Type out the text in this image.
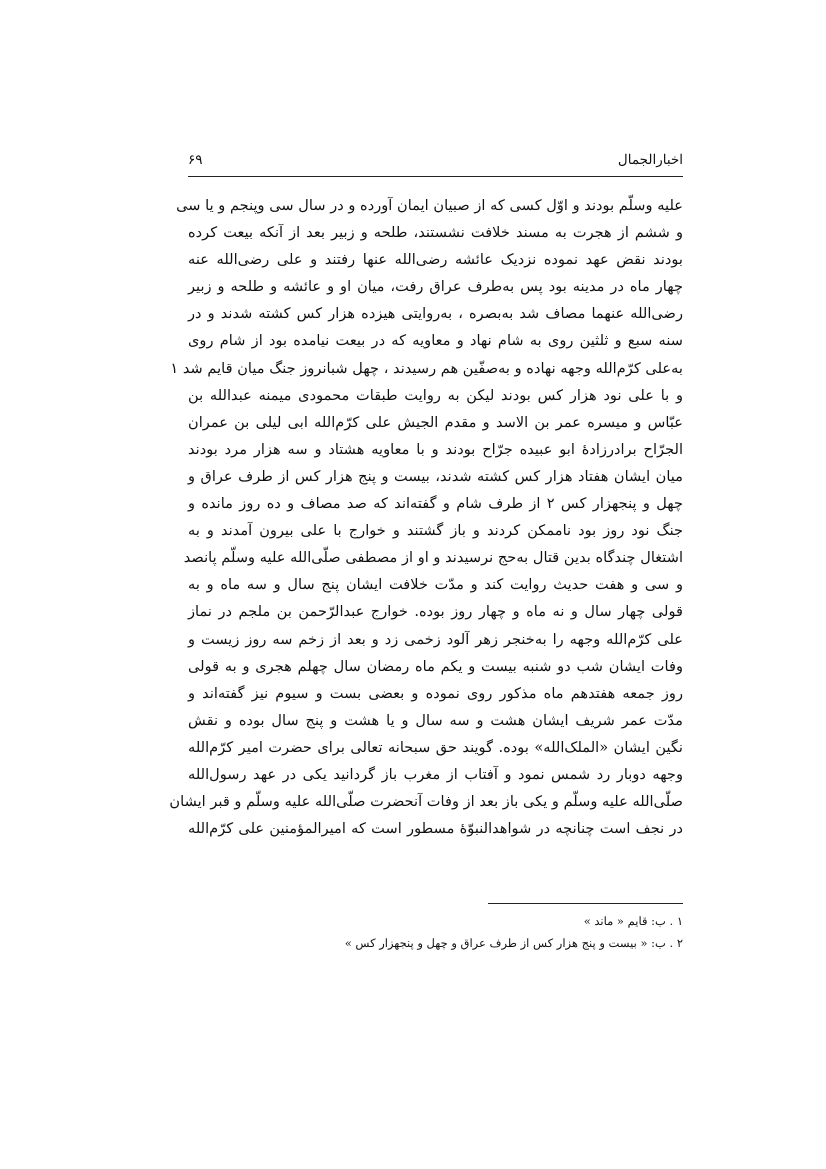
اخبارالجمال
۶۹
علیه وسلّم بودند و اوّل کسی که از صبیان ایمان آورده و در سال سی وپنجم و یا سی
و ششم از هجرت به مسند خلافت نشستند، طلحه و زبیر بعد از آنکه بیعت کرده
بودند نقض عهد نموده نزدیک عائشه رضی‌الله عنها رفتند و علی رضی‌الله عنه
چهار ماه در مدینه بود پس به‌طرف عراق رفت، میان او و عائشه و طلحه و زبیر
رضی‌الله عنهما مصاف شد به‌بصره ، به‌روایتی هیزده هزار کس کشته شدند و در
سنه سبع و ثلثین روی به شام نهاد و معاویه که در بیعت نیامده بود از شام روی
به‌علی کرّم‌الله وجهه نهاده و به‌صفّین هم رسیدند ، چهل شبانروز جنگ میان قایم شد ۱
و با علی نود هزار کس بودند لیکن به روایت طبقات محمودی میمنه عبدالله بن
عبّاس و میسره عمر بن الاسد و مقدم الجیش علی کرّم‌الله ابی لیلی بن عمران
الجرّاح برادرزادهٔ ابو عبیده جرّاح بودند و با معاویه هشتاد و سه هزار مرد بودند
میان ایشان هفتاد هزار کس کشته شدند، بیست و پنج هزار کس از طرف عراق و
چهل و پنجهزار کس ۲ از طرف شام و گفته‌اند که صد مصاف و ده روز مانده و
جنگ نود روز بود ناممکن کردند و باز گشتند و خوارج با علی بیرون آمدند و به
اشتغال چندگاه بدین قتال به‌حج نرسیدند و او از مصطفی صلّی‌الله علیه وسلّم پانصد
و سی و هفت حدیث روایت کند و مدّت خلافت ایشان پنج سال و سه ماه و به
قولی چهار سال و نه ماه و چهار روز بوده. خوارج عبدالرّحمن بن ملجم در نماز
علی کرّم‌الله وجهه را به‌خنجر زهر آلود زخمی زد و بعد از زخم سه روز زیست و
وفات ایشان شب دو شنبه بیست و یکم ماه رمضان سال چهلم هجری و به قولی
روز جمعه هفتدهم ماه مذکور روی نموده و بعضی بست و سیوم نیز گفته‌اند و
مدّت عمر شریف ایشان هشت و سه سال و یا هشت و پنج سال بوده و نقش
نگین ایشان «الملک‌الله» بوده. گویند حق سبحانه تعالی برای حضرت امیر کرّم‌الله
وجهه دوبار رد شمس نمود و آفتاب از مغرب باز گردانید یکی در عهد رسول‌الله
صلّی‌الله علیه وسلّم و یکی باز بعد از وفات آنحضرت صلّی‌الله علیه وسلّم و قبر ایشان
در نجف است چنانچه در شواهدالنبوّهٔ مسطور است که امیرالمؤمنین علی کرّم‌الله
۱ . ب: قایم « ماند »
۲ . ب: « بیست و پنج هزار کس از طرف عراق و چهل و پنجهزار کس »
